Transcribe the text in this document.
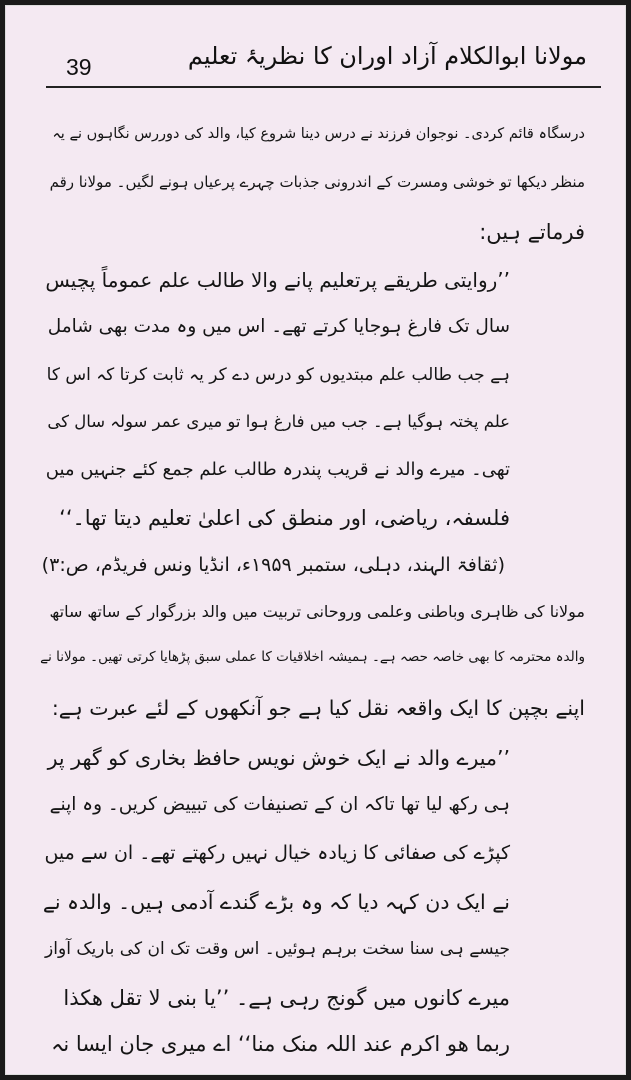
39	مولانا ابوالکلام آزاد اوران کا نظریۂ تعلیم
درسگاہ قائم کردی۔ نوجوان فرزند نے درس دینا شروع کیا، والد کی دوررس نگاہوں نے یہ
منظر دیکھا تو خوشی ومسرت کے اندرونی جذبات چہرے پرعیاں ہونے لگیں۔ مولانا رقم
فرماتے ہیں:
’’روایتی طریقے پرتعلیم پانے والا طالب علم عموماً پچیس
سال تک فارغ ہوجایا کرتے تھے۔ اس میں وہ مدت بھی شامل
ہے جب طالب علم مبتدیوں کو درس دے کر یہ ثابت کرتا کہ اس کا
علم پختہ ہوگیا ہے۔ جب میں فارغ ہوا تو میری عمر سولہ سال کی
تھی۔ میرے والد نے قریب پندرہ طالب علم جمع کئے جنہیں میں
فلسفہ، ریاضی، اور منطق کی اعلیٰ تعلیم دیتا تھا۔‘‘
(ثقافۃ الہند، دہلی، ستمبر ۱۹۵۹ء، انڈیا ونس فریڈم، ص:۳)
مولانا کی ظاہری وباطنی وعلمی وروحانی تربیت میں والد بزرگوار کے ساتھ ساتھ
والدہ محترمہ کا بھی خاصہ حصہ ہے۔ ہمیشہ اخلاقیات کا عملی سبق پڑھایا کرتی تھیں۔ مولانا نے
اپنے بچپن کا ایک واقعہ نقل کیا ہے جو آنکھوں کے لئے عبرت ہے:
’’میرے والد نے ایک خوش نویس حافظ بخاری کو گھر پر
ہی رکھ لیا تھا تاکہ ان کے تصنیفات کی تبییض کریں۔ وہ اپنے
کپڑے کی صفائی کا زیادہ خیال نہیں رکھتے تھے۔ ان سے میں
نے ایک دن کہہ دیا کہ وہ بڑے گندے آدمی ہیں۔ والدہ نے
جیسے ہی سنا سخت برہم ہوئیں۔ اس وقت تک ان کی باریک آواز
میرے کانوں میں گونج رہی ہے۔ ’’یا بنی لا تقل ھکذا
ربما ھو اکرم عند اللہ منک منا‘‘ اے میری جان ایسا نہ
